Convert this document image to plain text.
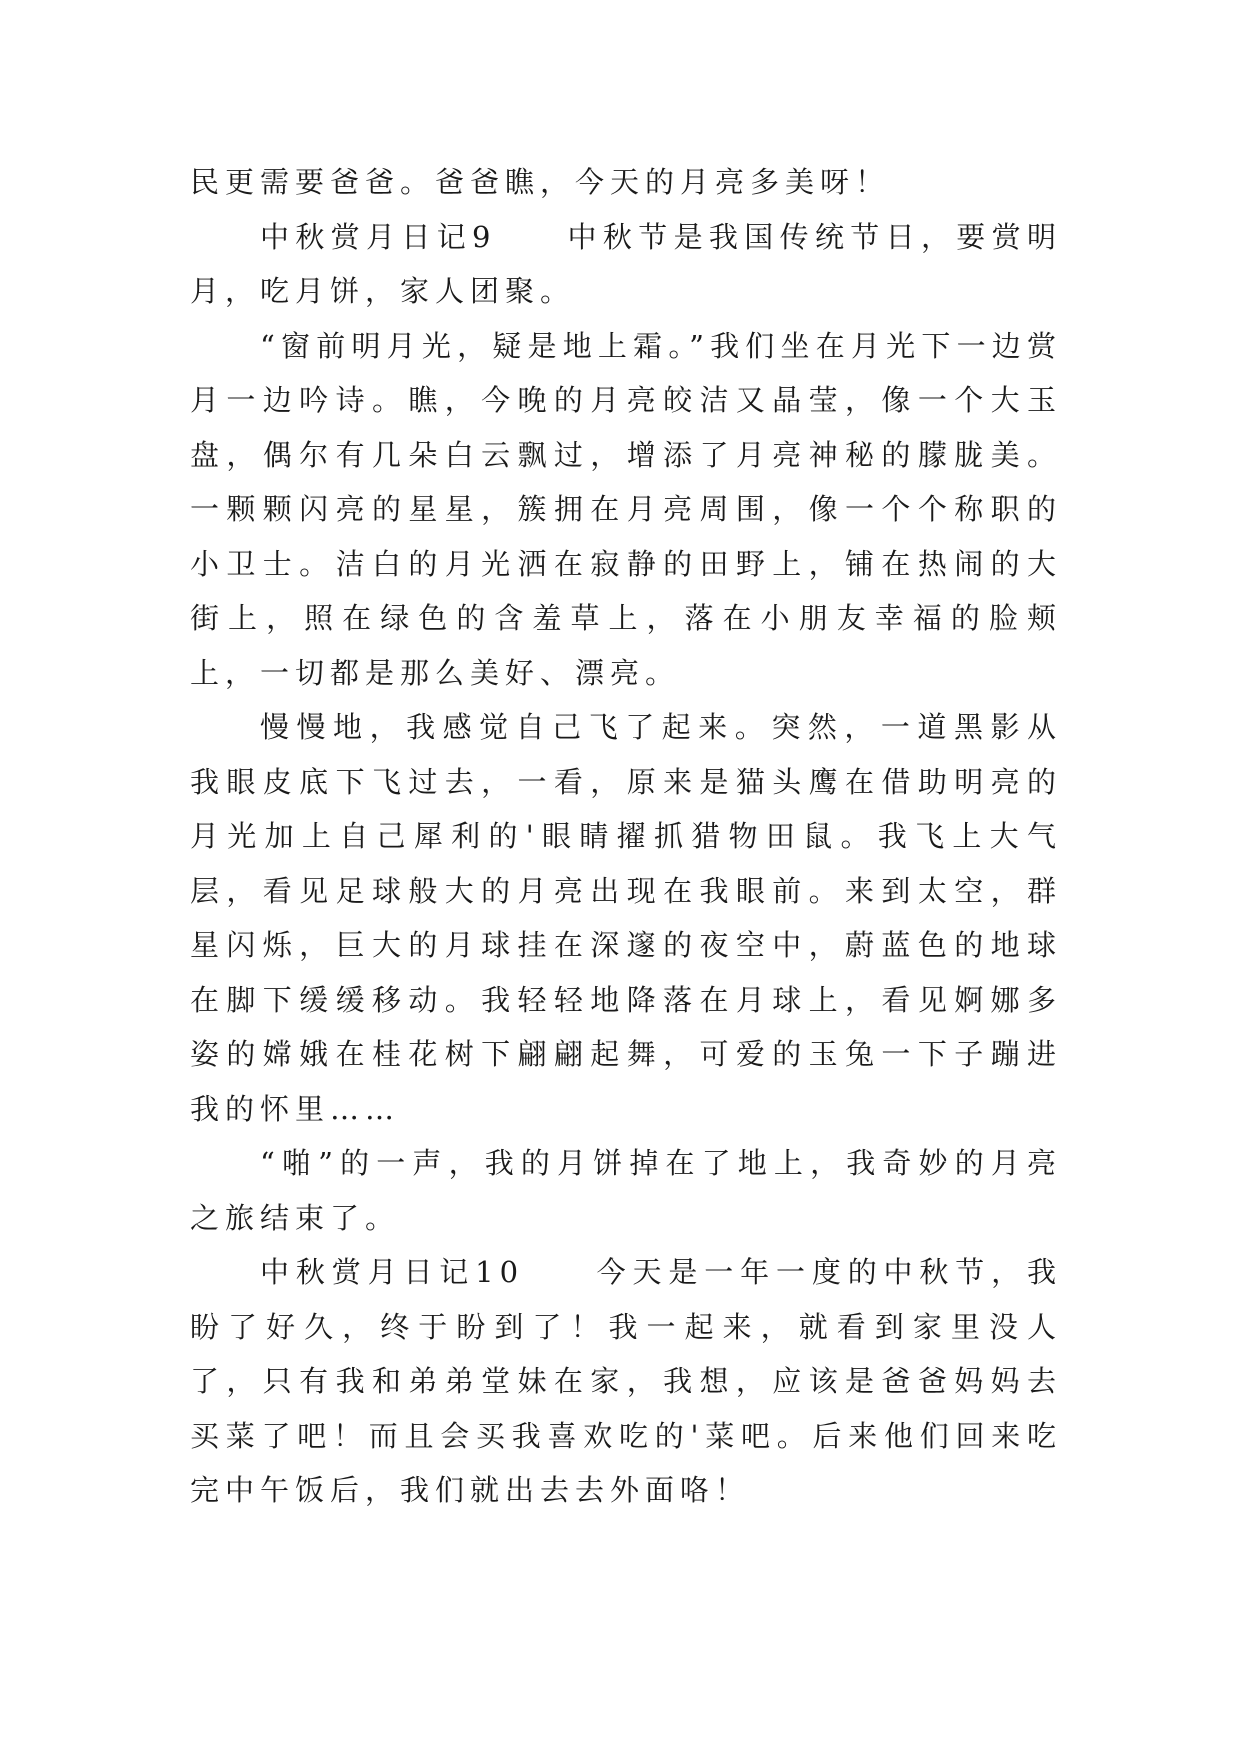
民更需要爸爸。爸爸瞧，今天的月亮多美呀！

中秋赏月日记9　　中秋节是我国传统节日，要赏明月，吃月饼，家人团聚。

“窗前明月光，疑是地上霜。”我们坐在月光下一边赏月一边吟诗。瞧，今晚的月亮皎洁又晶莹，像一个大玉盘，偶尔有几朵白云飘过，增添了月亮神秘的朦胧美。一颗颗闪亮的星星，簇拥在月亮周围，像一个个称职的小卫士。洁白的月光洒在寂静的田野上，铺在热闹的大街上，照在绿色的含羞草上，落在小朋友幸福的脸颊上，一切都是那么美好、漂亮。

慢慢地，我感觉自己飞了起来。突然，一道黑影从我眼皮底下飞过去，一看，原来是猫头鹰在借助明亮的月光加上自己犀利的'眼睛擢抓猎物田鼠。我飞上大气层，看见足球般大的月亮出现在我眼前。来到太空，群星闪烁，巨大的月球挂在深邃的夜空中，蔚蓝色的地球在脚下缓缓移动。我轻轻地降落在月球上，看见婀娜多姿的嫦娥在桂花树下翩翩起舞，可爱的玉兔一下子蹦进我的怀里……

“啪”的一声，我的月饼掉在了地上，我奇妙的月亮之旅结束了。

中秋赏月日记10　　今天是一年一度的中秋节，我盼了好久，终于盼到了！我一起来，就看到家里没人了，只有我和弟弟堂妹在家，我想，应该是爸爸妈妈去买菜了吧！而且会买我喜欢吃的'菜吧。后来他们回来吃完中午饭后，我们就出去去外面咯！
